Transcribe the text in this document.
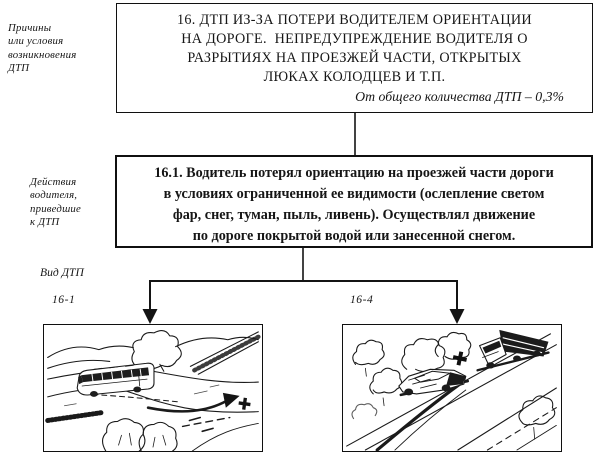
Причины
или условия
возникновения
ДТП
16. ДТП ИЗ-ЗА ПОТЕРИ ВОДИТЕЛЕМ ОРИЕНТАЦИИ
НА ДОРОГЕ.  НЕПРЕДУПРЕЖДЕНИЕ ВОДИТЕЛЯ О
РАЗРЫТИЯХ НА ПРОЕЗЖЕЙ ЧАСТИ, ОТКРЫТЫХ
ЛЮКАХ КОЛОДЦЕВ И Т.П.
От общего количества ДТП – 0,3%
Действия
водителя,
приведшие
к ДТП
16.1. Водитель потерял ориентацию на проезжей части дороги
в условиях ограниченной ее видимости (ослепление светом
фар, снег, туман, пыль, ливень). Осуществлял движение
по дороге покрытой водой или занесенной снегом.
Вид ДТП
16-1	16-4
